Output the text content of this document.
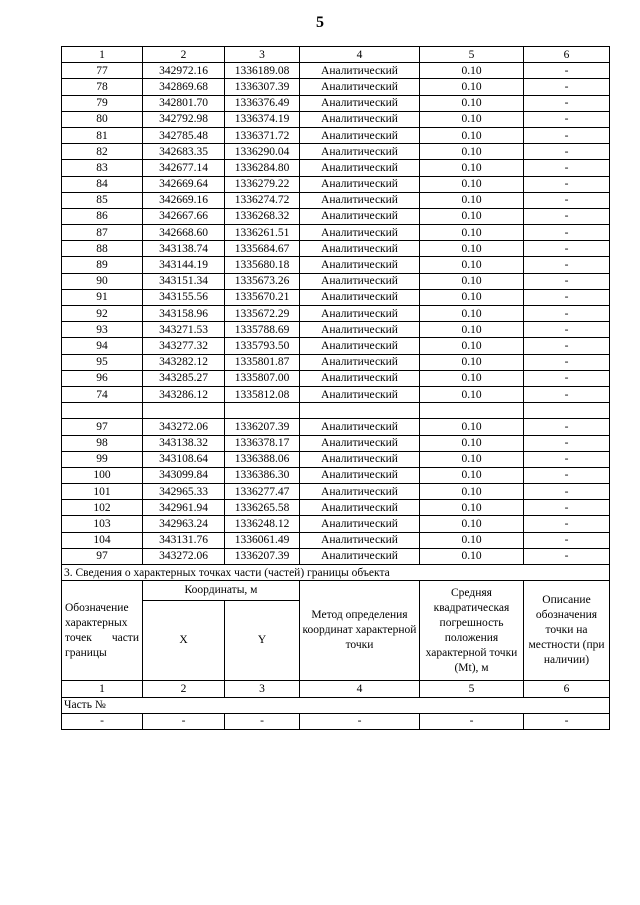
5
1	2	3	4	5	6
77	342972.16	1336189.08	Аналитический	0.10	-
78	342869.68	1336307.39	Аналитический	0.10	-
79	342801.70	1336376.49	Аналитический	0.10	-
80	342792.98	1336374.19	Аналитический	0.10	-
81	342785.48	1336371.72	Аналитический	0.10	-
82	342683.35	1336290.04	Аналитический	0.10	-
83	342677.14	1336284.80	Аналитический	0.10	-
84	342669.64	1336279.22	Аналитический	0.10	-
85	342669.16	1336274.72	Аналитический	0.10	-
86	342667.66	1336268.32	Аналитический	0.10	-
87	342668.60	1336261.51	Аналитический	0.10	-
88	343138.74	1335684.67	Аналитический	0.10	-
89	343144.19	1335680.18	Аналитический	0.10	-
90	343151.34	1335673.26	Аналитический	0.10	-
91	343155.56	1335670.21	Аналитический	0.10	-
92	343158.96	1335672.29	Аналитический	0.10	-
93	343271.53	1335788.69	Аналитический	0.10	-
94	343277.32	1335793.50	Аналитический	0.10	-
95	343282.12	1335801.87	Аналитический	0.10	-
96	343285.27	1335807.00	Аналитический	0.10	-
74	343286.12	1335812.08	Аналитический	0.10	-

97	343272.06	1336207.39	Аналитический	0.10	-
98	343138.32	1336378.17	Аналитический	0.10	-
99	343108.64	1336388.06	Аналитический	0.10	-
100	343099.84	1336386.30	Аналитический	0.10	-
101	342965.33	1336277.47	Аналитический	0.10	-
102	342961.94	1336265.58	Аналитический	0.10	-
103	342963.24	1336248.12	Аналитический	0.10	-
104	343131.76	1336061.49	Аналитический	0.10	-
97	343272.06	1336207.39	Аналитический	0.10	-
3. Сведения о характерных точках части (частей) границы объекта					
Обозначение характерных точек части границы	Координаты, м		Метод определения координат характерной точки	Средняя квадратическая погрешность положения характерной точки (Mt), м	Описание обозначения точки на местности (при наличии)
	X	Y			
1	2	3	4	5	6
Часть №					
-	-	-	-	-	-
